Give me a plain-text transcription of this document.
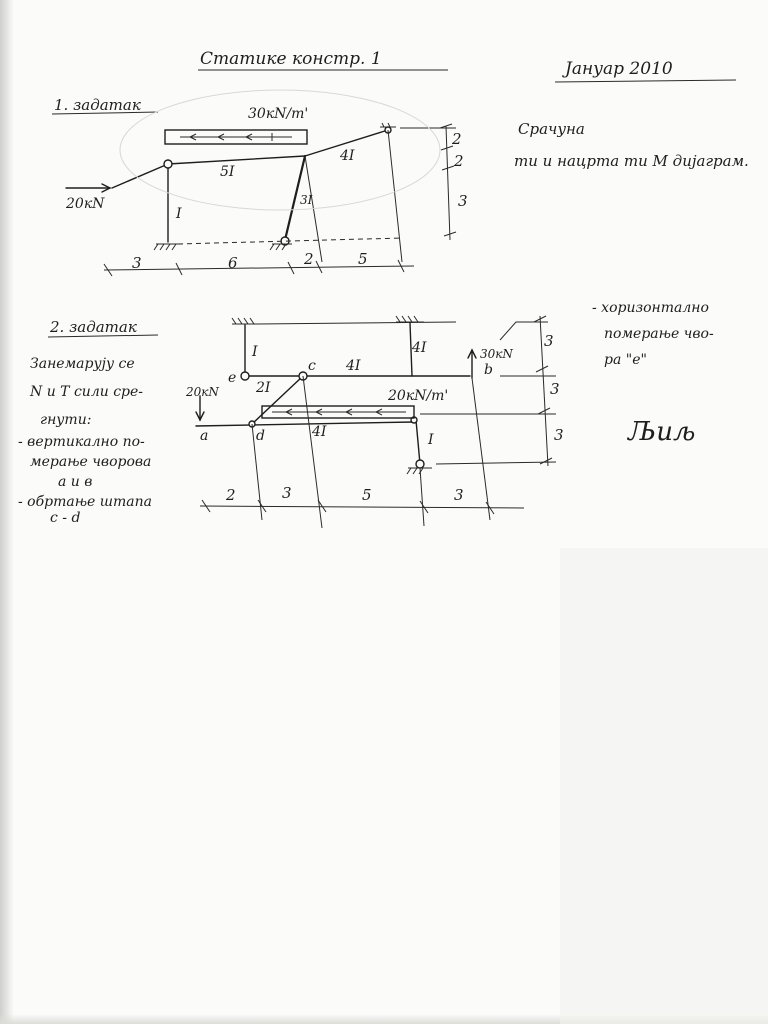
Статике констр. 1	Јануар 2010
1. задатак
Срачуна
ти и нацрта ти М дијаграм.
30кN/m'
20кN
5I
4I
I
3I
3	6	2	5
2
2
3
2. задатак
Занемарују се
N и T сили сре-
гнути:
- вертикално по-
мерање чворова
a и в
- обртање штапа
c - d
- хоризонтално
померање чво-
ра "e"
Љиљ
20кN/m'
20кN
30кN
a	d
e
c	b
I	4I
2I
4I
4I	I
2	3	5	3
3
3
3
